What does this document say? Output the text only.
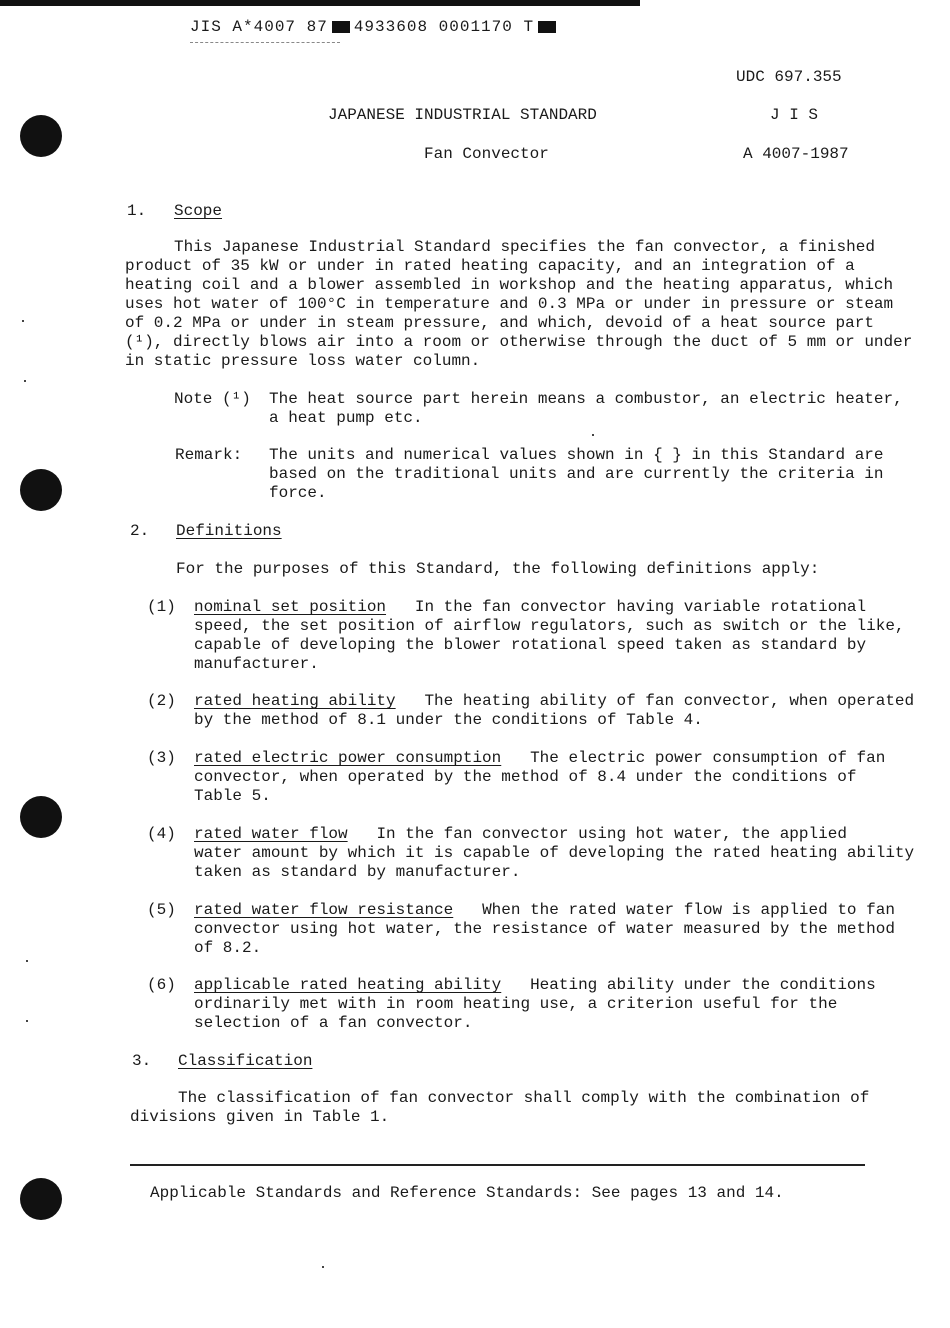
JIS A*4007 87 4933608 0001170 T
UDC 697.355
JAPANESE INDUSTRIAL STANDARD	J I S
Fan Convector	A 4007-1987
1. Scope
This Japanese Industrial Standard specifies the fan convector, a finished
product of 35 kW or under in rated heating capacity, and an integration of a
heating coil and a blower assembled in workshop and the heating apparatus, which
uses hot water of 100°C in temperature and 0.3 MPa or under in pressure or steam
of 0.2 MPa or under in steam pressure, and which, devoid of a heat source part
(¹), directly blows air into a room or otherwise through the duct of 5 mm or under
in static pressure loss water column.
Note (¹) The heat source part herein means a combustor, an electric heater,
a heat pump etc.
Remark: The units and numerical values shown in { } in this Standard are
based on the traditional units and are currently the criteria in
force.
2. Definitions
For the purposes of this Standard, the following definitions apply:
(1) nominal set position In the fan convector having variable rotational
speed, the set position of airflow regulators, such as switch or the like,
capable of developing the blower rotational speed taken as standard by
manufacturer.
(2) rated heating ability The heating ability of fan convector, when operated
by the method of 8.1 under the conditions of Table 4.
(3) rated electric power consumption The electric power consumption of fan
convector, when operated by the method of 8.4 under the conditions of
Table 5.
(4) rated water flow In the fan convector using hot water, the applied
water amount by which it is capable of developing the rated heating ability
taken as standard by manufacturer.
(5) rated water flow resistance When the rated water flow is applied to fan
convector using hot water, the resistance of water measured by the method
of 8.2.
(6) applicable rated heating ability Heating ability under the conditions
ordinarily met with in room heating use, a criterion useful for the
selection of a fan convector.
3. Classification
The classification of fan convector shall comply with the combination of
divisions given in Table 1.
Applicable Standards and Reference Standards: See pages 13 and 14.
